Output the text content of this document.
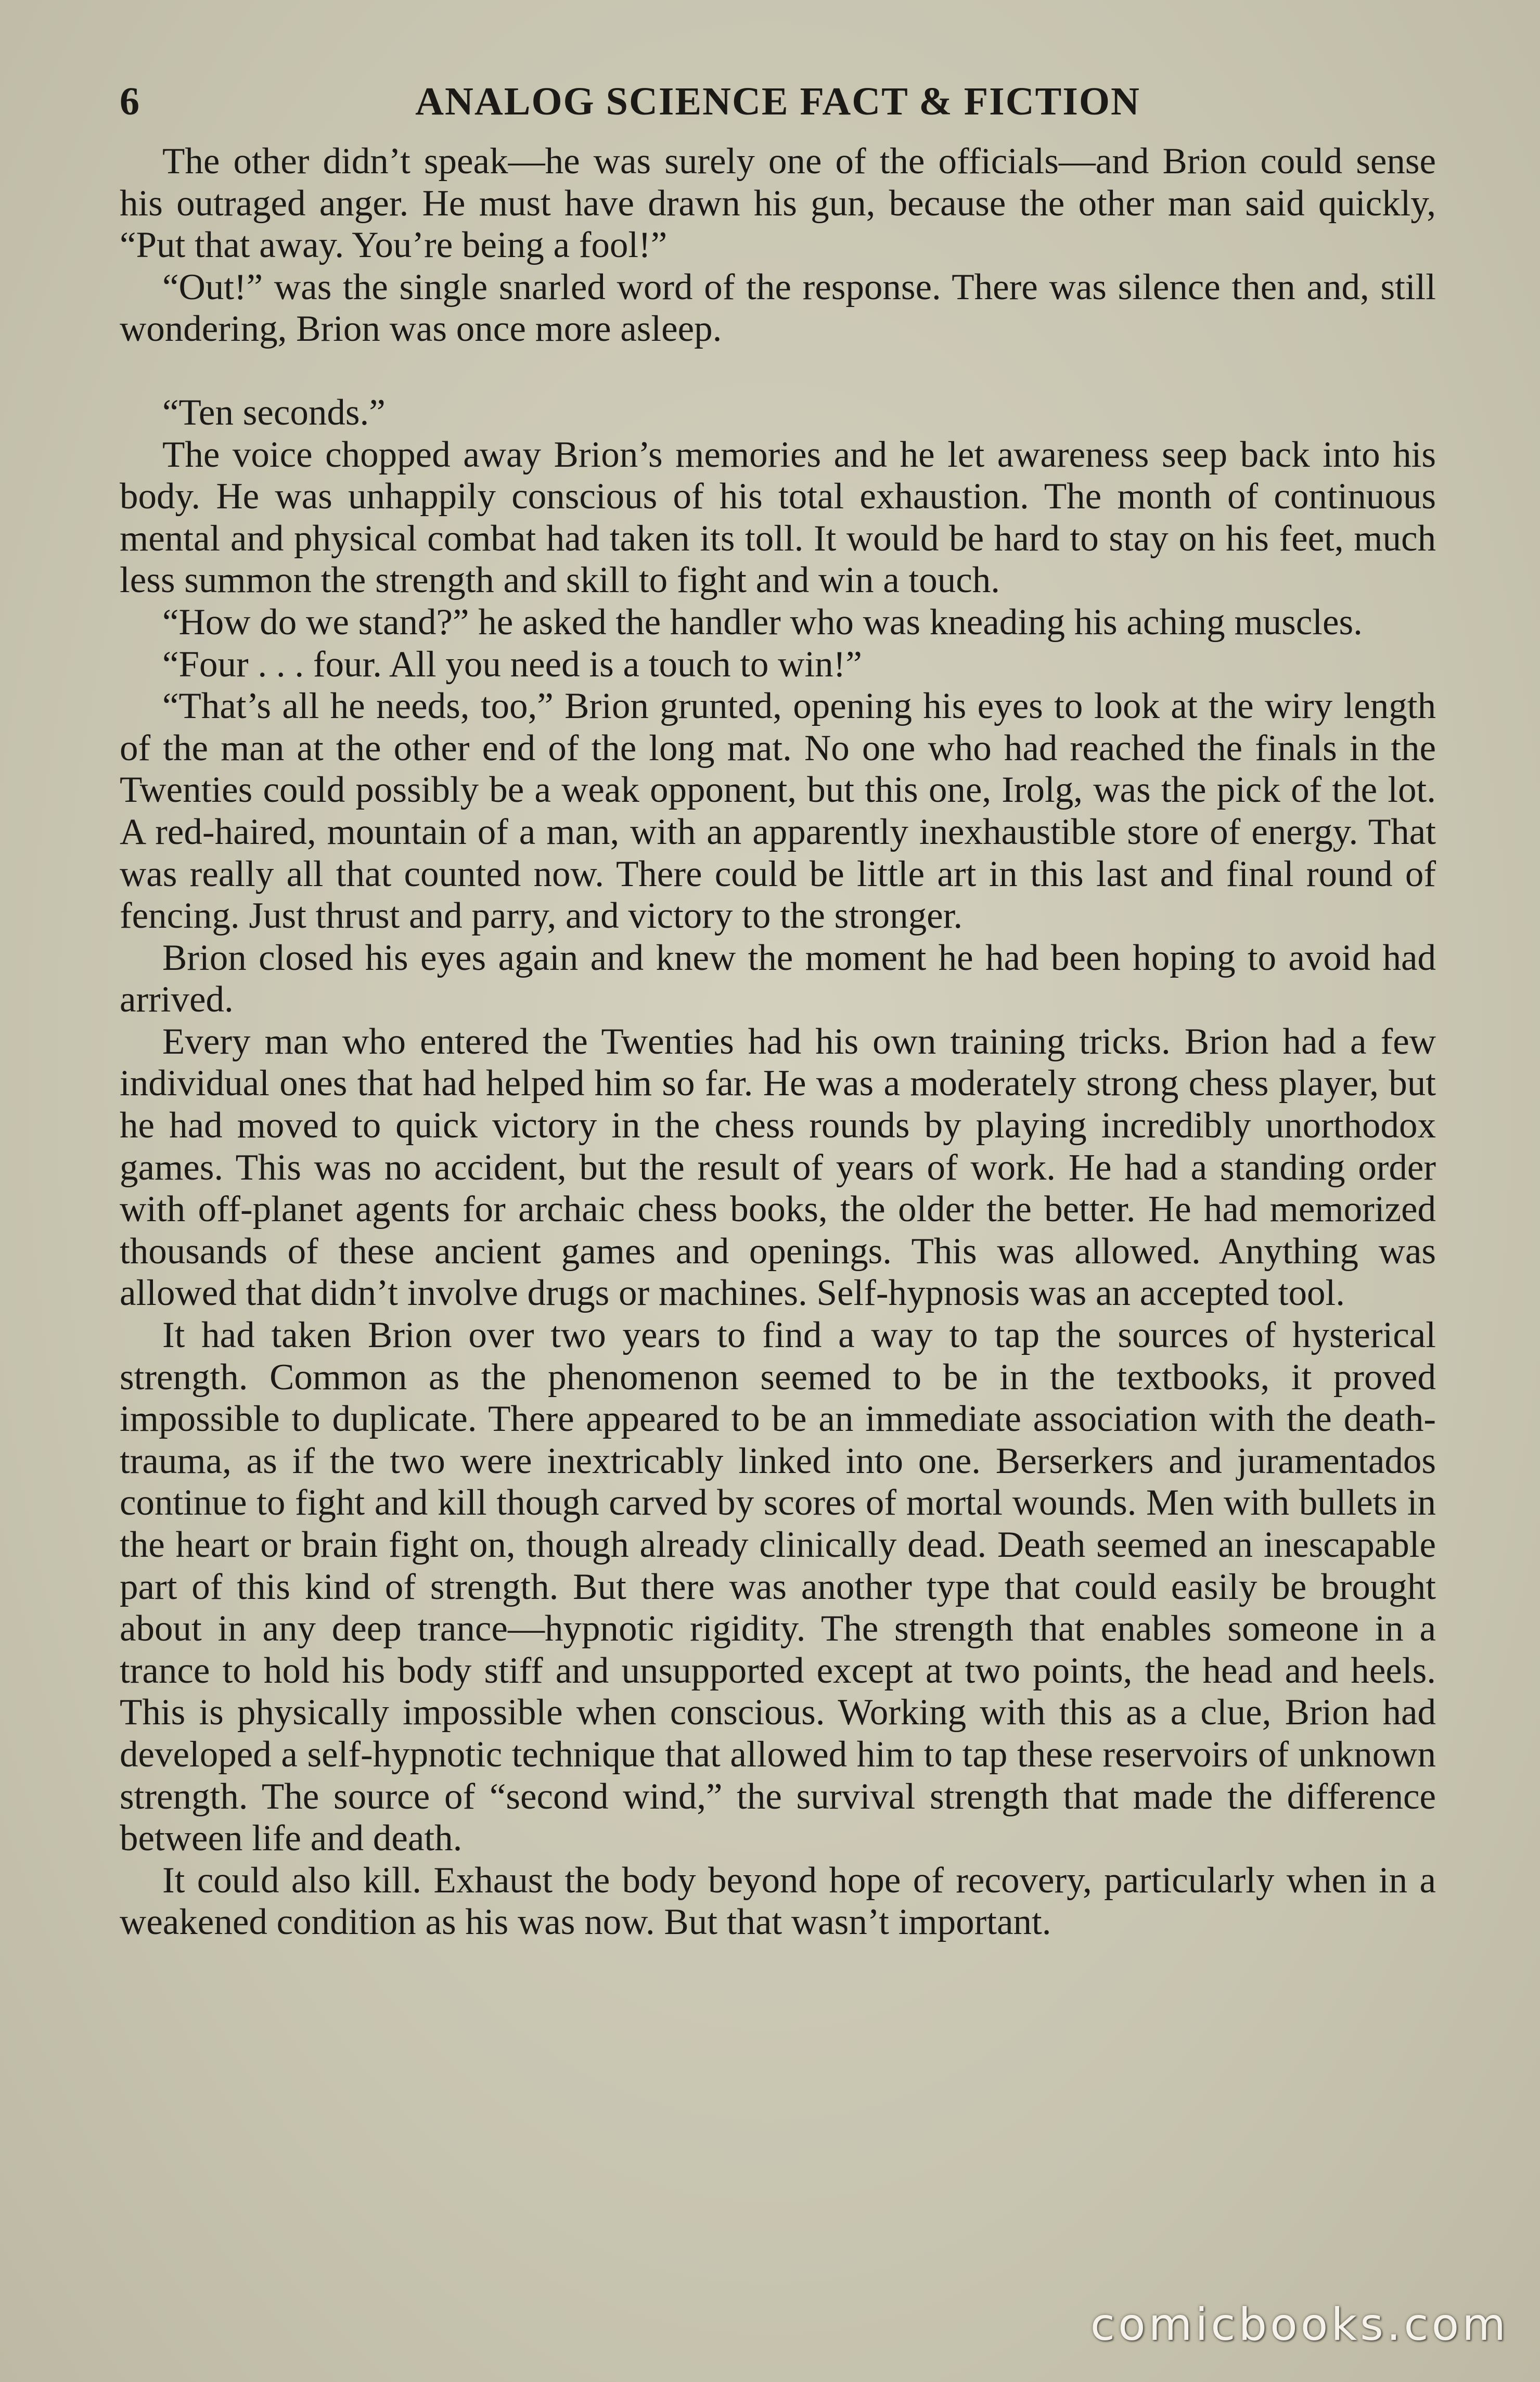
6	ANALOG SCIENCE FACT & FICTION

The other didn’t speak—he was surely one of the officials—and Brion could sense his outraged anger. He must have drawn his gun, because the other man said quickly, “Put that away. You’re being a fool!”

“Out!” was the single snarled word of the response. There was silence then and, still wondering, Brion was once more asleep.

“Ten seconds.”

The voice chopped away Brion’s memories and he let awareness seep back into his body. He was unhappily conscious of his total exhaustion. The month of continuous mental and physical combat had taken its toll. It would be hard to stay on his feet, much less summon the strength and skill to fight and win a touch.

“How do we stand?” he asked the handler who was kneading his aching muscles.

“Four . . . four. All you need is a touch to win!”

“That’s all he needs, too,” Brion grunted, opening his eyes to look at the wiry length of the man at the other end of the long mat. No one who had reached the finals in the Twenties could possibly be a weak opponent, but this one, Irolg, was the pick of the lot. A red-haired, mountain of a man, with an apparently inexhaustible store of energy. That was really all that counted now. There could be little art in this last and final round of fencing. Just thrust and parry, and victory to the stronger.

Brion closed his eyes again and knew the moment he had been hoping to avoid had arrived.

Every man who entered the Twenties had his own training tricks. Brion had a few individual ones that had helped him so far. He was a moderately strong chess player, but he had moved to quick victory in the chess rounds by playing incredibly unorthodox games. This was no accident, but the result of years of work. He had a standing order with off-planet agents for archaic chess books, the older the better. He had memorized thousands of these ancient games and openings. This was allowed. Anything was allowed that didn’t involve drugs or machines. Self-hypnosis was an accepted tool.

It had taken Brion over two years to find a way to tap the sources of hysterical strength. Common as the phenomenon seemed to be in the textbooks, it proved impossible to duplicate. There appeared to be an immediate association with the death-trauma, as if the two were inextricably linked into one. Berserkers and juramentados continue to fight and kill though carved by scores of mortal wounds. Men with bullets in the heart or brain fight on, though already clinically dead. Death seemed an inescapable part of this kind of strength. But there was another type that could easily be brought about in any deep trance—hypnotic rigidity. The strength that enables someone in a trance to hold his body stiff and unsupported except at two points, the head and heels. This is physically impossible when conscious. Working with this as a clue, Brion had developed a self-hypnotic technique that allowed him to tap these reservoirs of unknown strength. The source of “second wind,” the survival strength that made the difference between life and death.

It could also kill. Exhaust the body beyond hope of recovery, particularly when in a weakened condition as his was now. But that wasn’t important.

comicbooks.com
